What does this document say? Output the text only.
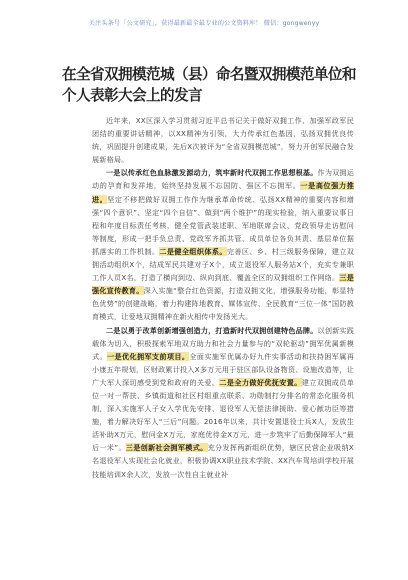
关注头条号「公文研究」，获得最新最全最专业的公文资料库！ 微信：gongwenyy
在全省双拥模范城（县）命名暨双拥模范单位和个人表彰大会上的发言
近年来，XX区深入学习贯彻习近平总书记关于做好双拥工作、加强军政军民团结的重要讲话精神，以XX精神为引领，大力传承红色基因，弘扬双拥优良传统，巩固提升创建成果，先后X次被评为“全省双拥模范城”，努力开创军民融合发展新格局。
一是以传承红色血脉激发源动力，筑牢新时代双拥工作思想根基。作为双拥运动的孕育和发祥地，始终坚持发展不忘国防、强区不忘拥军。一是高位强力推进。坚定不移把做好双拥工作作为继承革命传统、弘扬XX精神的重要内容和增强“四个意识”、坚定“四个自信”、做到“两个维护”的现实检验，纳入重要议事日程和年度目标责任考核，健全党管武装述职、军地联席会议、党政领导走访慰问等制度，形成一把手负总责、党政军齐抓共管、成员单位各负其责、基层单位据抓落实的工作机制。二是健全组织体系。完善区、乡、村三级服务保障，建立双拥活动组织X个，结成军民共建对子X个，成立退役军人服务站X个，充实专兼职工作人员X名，打造了横向到边、纵向到底、覆盖全区的双拥组织工作网络。三是强化宣传教育。深入实施“整合红色资源，打造双拥文化，增强服务功能，彰显特色优势”的创建战略，着力构建阵地教育、媒体宣传、全民教育“三位一体”国防教育模式，让爱地双拥精神在新火相传中发扬光大。
二是以勇于改革创新增强创造力，打造新时代双拥创建特色品牌。以创新实践载体为切入，积极探索军地双方助力和社会力量参与的“双轮驱动”拥军优属新模式。一是优化拥军支前项目。全面实施军优属办好九件实事活动和扶持困军属再小康五年规划，区财政累计投入X多万元用于驻区部队设备物资、设施改造等，让广大军人深切感受到党和政府的关爱。二是全力做好优抚安置。建立双拥成员单位一对一帮扶、乡镇街道和社区村组重点联系、功勋制打分排名的常态化服务机制，深入实施军人子女入学优先安排、退役军人无偿法律援助、爱心献功臣等措施，着力解决好军人“三后”问题。2016年以来，共计安置退役士兵X人，发放生活补助X万元，慰问金X万元，家庭优待金X万元，进一步筑牢了后勤保障军人“最后一米”。三是创新社会拥军模式。充分发挥两新组织优势，辖区民营企业吸纳X名退役军人实现社会化就业，积极协调XX职业技术学院、XX汽车驾培训学校开展技能培训X余人次，发放一次性自主就业补
